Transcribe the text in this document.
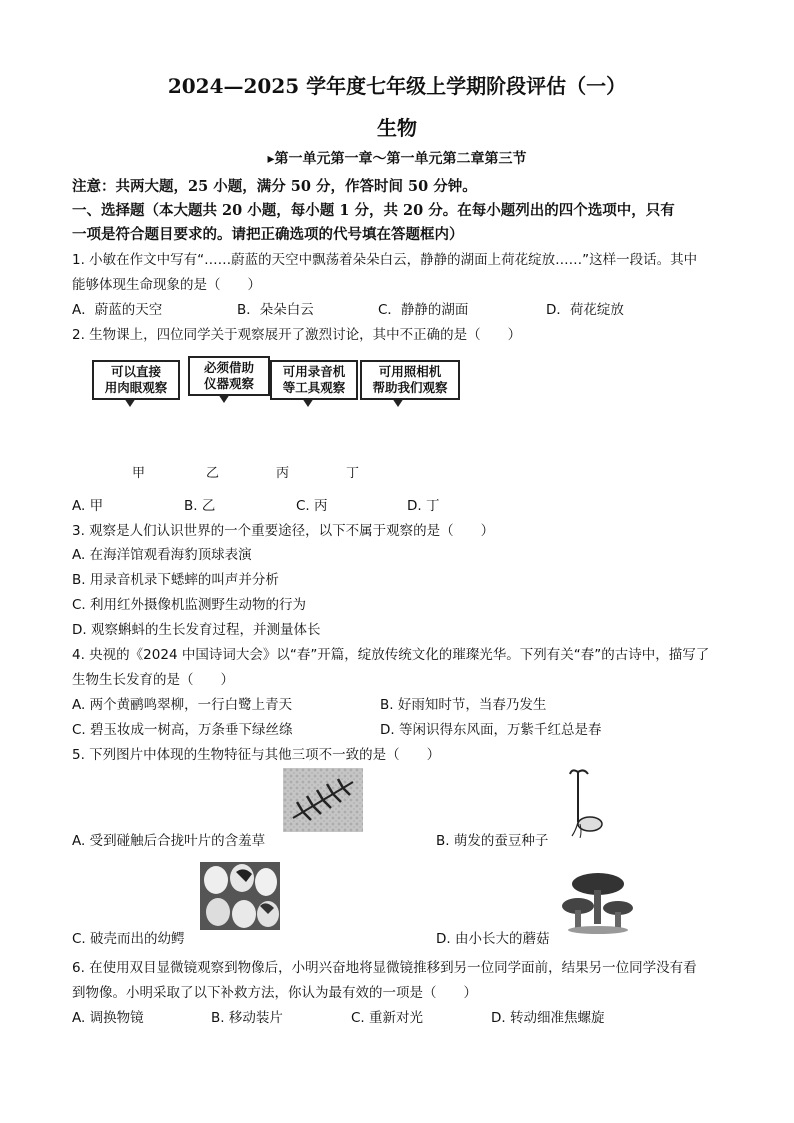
2024—2025 学年度七年级上学期阶段评估（一）
生物
▸第一单元第一章～第一单元第二章第三节
注意：共两大题，25 小题，满分 50 分，作答时间 50 分钟。
一、选择题（本大题共 20 小题，每小题 1 分，共 20 分。在每小题列出的四个选项中，只有
一项是符合题目要求的。请把正确选项的代号填在答题框内）
1. 小敏在作文中写有“……蔚蓝的天空中飘荡着朵朵白云，静静的湖面上荷花绽放……”这样一段话。其中
能够体现生命现象的是（　　）
A．蔚蓝的天空	B．朵朵白云	C．静静的湖面	D．荷花绽放
2. 生物课上，四位同学关于观察展开了激烈讨论，其中不正确的是（　　）
可以直接
用肉眼观察
必须借助
仪器观察
可用录音机
等工具观察
可用照相机
帮助我们观察
甲	乙	丙	丁
A. 甲	B. 乙	C. 丙	D. 丁
3. 观察是人们认识世界的一个重要途径，以下不属于观察的是（　　）
A. 在海洋馆观看海豹顶球表演
B. 用录音机录下蟋蟀的叫声并分析
C. 利用红外摄像机监测野生动物的行为
D. 观察蝌蚪的生长发育过程，并测量体长
4. 央视的《2024 中国诗词大会》以“春”开篇，绽放传统文化的璀璨光华。下列有关“春”的古诗中，描写了
生物生长发育的是（　　）
A. 两个黄鹂鸣翠柳，一行白鹭上青天	B. 好雨知时节，当春乃发生
C. 碧玉妆成一树高，万条垂下绿丝绦	D. 等闲识得东风面，万紫千红总是春
5. 下列图片中体现的生物特征与其他三项不一致的是（　　）
A. 受到碰触后合拢叶片的含羞草	B. 萌发的蚕豆种子
C. 破壳而出的幼鳄	D. 由小长大的蘑菇
6. 在使用双目显微镜观察到物像后，小明兴奋地将显微镜推移到另一位同学面前，结果另一位同学没有看
到物像。小明采取了以下补救方法，你认为最有效的一项是（　　）
A. 调换物镜	B. 移动装片	C. 重新对光	D. 转动细准焦螺旋
